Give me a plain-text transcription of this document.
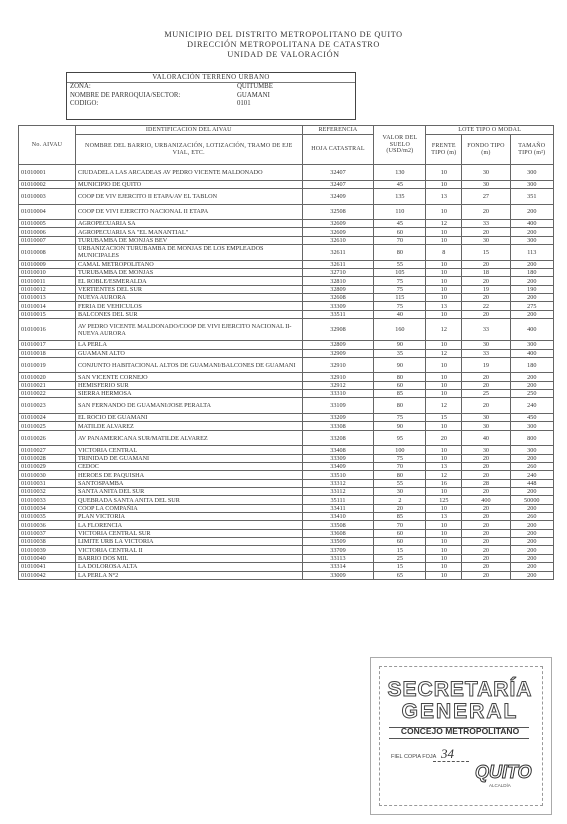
MUNICIPIO DEL DISTRITO METROPOLITANO DE QUITO
DIRECCIÓN METROPOLITANA DE CATASTRO
UNIDAD DE VALORACIÓN
VALORACIÓN TERRENO URBANO
ZONA:	QUITUMBE
NOMBRE DE PARROQUIA/SECTOR:	GUAMANI
CODIGO:	0101
No. AIVAU	IDENTIFICACION DEL AIVAU	REFERENCIA	VALOR DEL SUELO (USD/m2)	LOTE TIPO O MODAL		
	NOMBRE DEL BARRIO, URBANIZACIÓN, LOTIZACIÓN, TRAMO DE EJE VIAL, ETC.	HOJA CATASTRAL		FRENTE TIPO (m)	FONDO TIPO (m)	TAMAÑO TIPO (m²)
01010001	CIUDADELA LAS ARCADEAS AV PEDRO VICENTE MALDONADO	32407	130	10	30	300
01010002	MUNICIPIO DE QUITO	32407	45	10	30	300
01010003	COOP DE VIV EJERCITO II ETAPA/AV EL TABLON	32409	135	13	27	351
01010004	COOP DE VIVI EJERCITO NACIONAL II ETAPA	32508	110	10	20	200
01010005	AGROPECUARIA SA	32609	45	12	33	400
01010006	AGROPECUARIA SA "EL MANANTIAL"	32609	60	10	20	200
01010007	TURUBAMBA DE MONJAS BEV	32610	70	10	30	300
01010008	URBANIZACION TURUBAMBA DE MONJAS DE LOS EMPLEADOS MUNICIPALES	32611	80	8	15	113
01010009	CAMAL METROPOLITANO	32611	55	10	20	200
01010010	TURUBAMBA DE MONJAS	32710	105	10	18	180
01010011	EL ROBLE/ESMERALDA	32810	75	10	20	200
01010012	VERTIENTES DEL SUR	32809	75	10	19	190
01010013	NUEVA AURORA	32608	115	10	20	200
01010014	FERIA DE VEHICULOS	33309	75	13	22	275
01010015	BALCONES DEL SUR	33511	40	10	20	200
01010016	AV PEDRO VICENTE MALDONADO/COOP DE VIVI EJERCITO NACIONAL II-NUEVA AURORA	32908	160	12	33	400
01010017	LA PERLA	32809	90	10	30	300
01010018	GUAMANI ALTO	32909	35	12	33	400
01010019	CONJUNTO HABITACIONAL ALTOS DE GUAMANI/BALCONES DE GUAMANI	32910	90	10	19	180
01010020	SAN VICENTE CORNEJO	32910	80	10	20	200
01010021	HEMISFERIO SUR	32912	60	10	20	200
01010022	SIERRA HERMOSA	33310	85	10	25	250
01010023	SAN FERNANDO DE GUAMANI/JOSE PERALTA	33109	80	12	20	240
01010024	EL ROCIO DE GUAMANI	33209	75	15	30	450
01010025	MATILDE ALVAREZ	33308	90	10	30	300
01010026	AV PANAMERICANA SUR/MATILDE ALVAREZ	33208	95	20	40	800
01010027	VICTORIA CENTRAL	33408	100	10	30	300
01010028	TRINIDAD DE GUAMANI	33309	75	10	20	200
01010029	CEDOC	33409	70	13	20	260
01010030	HEROES DE PAQUISHA	33510	80	12	20	240
01010031	SANTOSPAMBA	33312	55	16	28	448
01010032	SANTA ANITA DEL SUR	33112	30	10	20	200
01010033	QUEBRADA SANTA ANITA DEL SUR	35111	2	125	400	50000
01010034	COOP LA COMPAÑIA	33411	20	10	20	200
01010035	PLAN VICTORIA	33410	85	13	20	260
01010036	LA FLORENCIA	33508	70	10	20	200
01010037	VICTORIA CENTRAL SUR	33608	60	10	20	200
01010038	LIMITE URB LA VICTORIA	33509	60	10	20	200
01010039	VICTORIA CENTRAL II	33709	15	10	20	200
01010040	BARRIO DOS MIL	33113	25	10	20	200
01010041	LA DOLOROSA ALTA	33314	15	10	20	200
01010042	LA PERLA N°2	33009	65	10	20	200
SECRETARÍA
GENERAL
CONCEJO METROPOLITANO
FIEL COPIA FOJA 34
QUITO
ALCALDÍA
